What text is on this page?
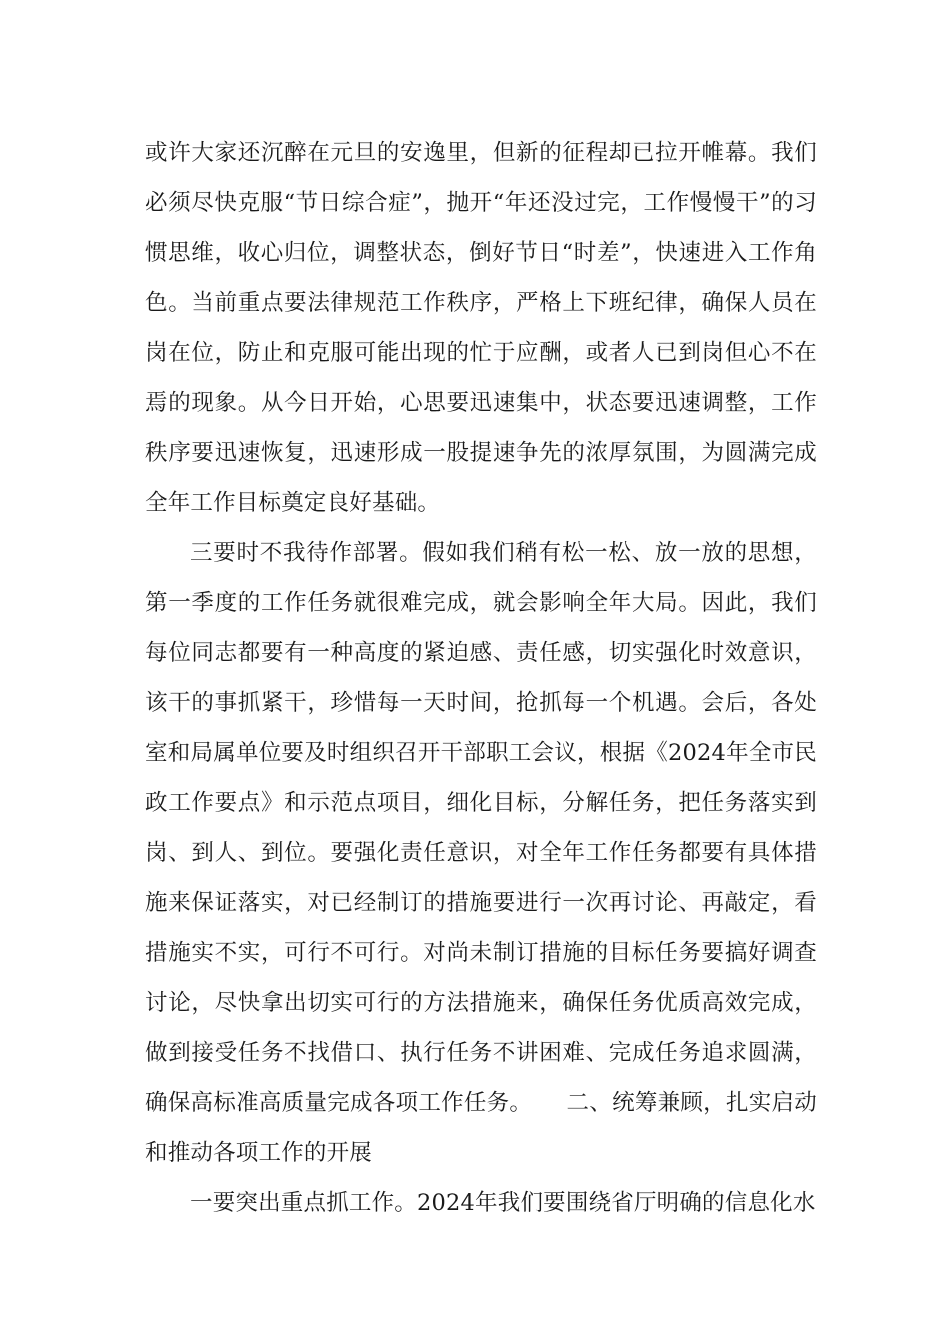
或许大家还沉醉在元旦的安逸里，但新的征程却已拉开帷幕。我们必须尽快克服“节日综合症”，抛开“年还没过完，工作慢慢干”的习惯思维，收心归位，调整状态，倒好节日“时差”，快速进入工作角色。当前重点要法律规范工作秩序，严格上下班纪律，确保人员在岗在位，防止和克服可能出现的忙于应酬，或者人已到岗但心不在焉的现象。从今日开始，心思要迅速集中，状态要迅速调整，工作秩序要迅速恢复，迅速形成一股提速争先的浓厚氛围，为圆满完成全年工作目标奠定良好基础。

三要时不我待作部署。假如我们稍有松一松、放一放的思想，第一季度的工作任务就很难完成，就会影响全年大局。因此，我们每位同志都要有一种高度的紧迫感、责任感，切实强化时效意识，该干的事抓紧干，珍惜每一天时间，抢抓每一个机遇。会后，各处室和局属单位要及时组织召开干部职工会议，根据《2024年全市民政工作要点》和示范点项目，细化目标，分解任务，把任务落实到岗、到人、到位。要强化责任意识，对全年工作任务都要有具体措施来保证落实，对已经制订的措施要进行一次再讨论、再敲定，看措施实不实，可行不可行。对尚未制订措施的目标任务要搞好调查讨论，尽快拿出切实可行的方法措施来，确保任务优质高效完成，做到接受任务不找借口、执行任务不讲困难、完成任务追求圆满，确保高标准高质量完成各项工作任务。　　二、统筹兼顾，扎实启动和推动各项工作的开展

一要突出重点抓工作。2024年我们要围绕省厅明确的信息化水
